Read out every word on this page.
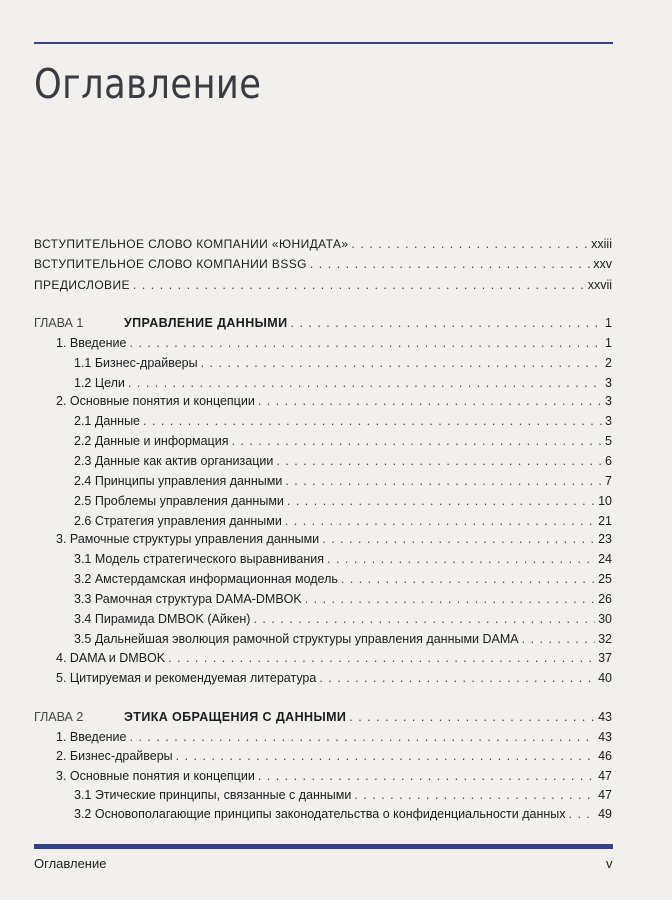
Оглавление
ВСТУПИТЕЛЬНОЕ СЛОВО КОМПАНИИ «ЮНИДАТА» . . .	xxiii
ВСТУПИТЕЛЬНОЕ СЛОВО КОМПАНИИ BSSG . . .	xxv
ПРЕДИСЛОВИЕ . . .	xxvii
ГЛАВА 1	УПРАВЛЕНИЕ ДАННЫМИ . . .	1
1. Введение . . .	1
1.1 Бизнес-драйверы . . .	2
1.2 Цели . . .	3
2. Основные понятия и концепции . . .	3
2.1 Данные . . .	3
2.2 Данные и информация . . .	5
2.3 Данные как актив организации . . .	6
2.4 Принципы управления данными . . .	7
2.5 Проблемы управления данными . . .	10
2.6 Стратегия управления данными . . .	21
3. Рамочные структуры управления данными . . .	23
3.1 Модель стратегического выравнивания . . .	24
3.2 Амстердамская информационная модель . . .	25
3.3 Рамочная структура DAMA-DMBOK . . .	26
3.4 Пирамида DMBOK (Айкен) . . .	30
3.5 Дальнейшая эволюция рамочной структуры управления данными DAMA . . .	32
4. DAMA и DMBOK . . .	37
5. Цитируемая и рекомендуемая литература . . .	40
ГЛАВА 2	ЭТИКА ОБРАЩЕНИЯ С ДАННЫМИ . . .	43
1. Введение . . .	43
2. Бизнес-драйверы . . .	46
3. Основные понятия и концепции . . .	47
3.1 Этические принципы, связанные с данными . . .	47
3.2 Основополагающие принципы законодательства о конфиденциальности данных . . .	49
Оглавление	v
